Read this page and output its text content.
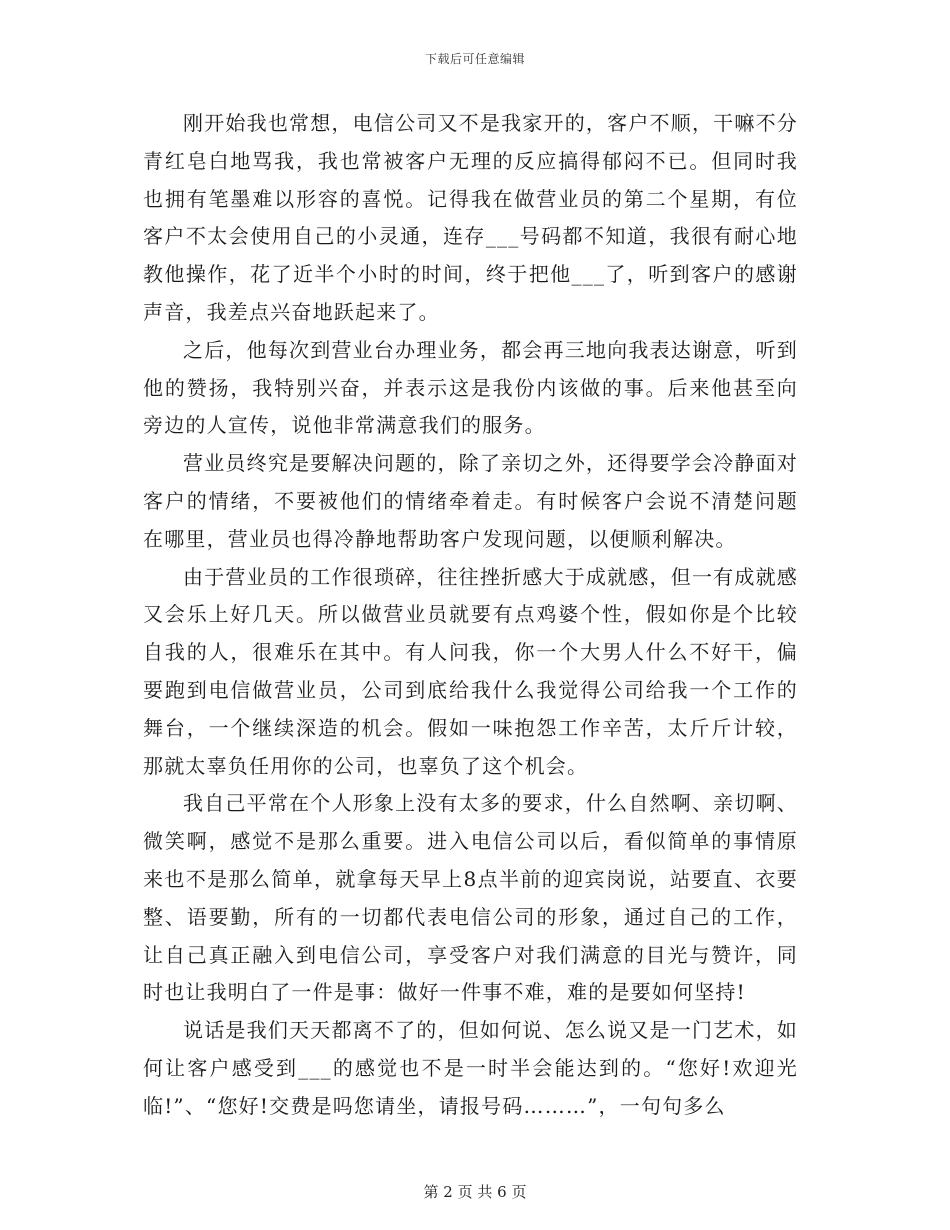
下载后可任意编辑

刚开始我也常想，电信公司又不是我家开的，客户不顺，干嘛不分青红皂白地骂我，我也常被客户无理的反应搞得郁闷不已。但同时我也拥有笔墨难以形容的喜悦。记得我在做营业员的第二个星期，有位客户不太会使用自己的小灵通，连存___号码都不知道，我很有耐心地教他操作，花了近半个小时的时间，终于把他___了，听到客户的感谢声音，我差点兴奋地跃起来了。

之后，他每次到营业台办理业务，都会再三地向我表达谢意，听到他的赞扬，我特别兴奋，并表示这是我份内该做的事。后来他甚至向旁边的人宣传，说他非常满意我们的服务。

营业员终究是要解决问题的，除了亲切之外，还得要学会冷静面对客户的情绪，不要被他们的情绪牵着走。有时候客户会说不清楚问题在哪里，营业员也得冷静地帮助客户发现问题，以便顺利解决。

由于营业员的工作很琐碎，往往挫折感大于成就感，但一有成就感又会乐上好几天。所以做营业员就要有点鸡婆个性，假如你是个比较自我的人，很难乐在其中。有人问我，你一个大男人什么不好干，偏要跑到电信做营业员，公司到底给我什么我觉得公司给我一个工作的舞台，一个继续深造的机会。假如一味抱怨工作辛苦，太斤斤计较，那就太辜负任用你的公司，也辜负了这个机会。

我自己平常在个人形象上没有太多的要求，什么自然啊、亲切啊、微笑啊，感觉不是那么重要。进入电信公司以后，看似简单的事情原来也不是那么简单，就拿每天早上8点半前的迎宾岗说，站要直、衣要整、语要勤，所有的一切都代表电信公司的形象，通过自己的工作，让自己真正融入到电信公司，享受客户对我们满意的目光与赞许，同时也让我明白了一件是事：做好一件事不难，难的是要如何坚持!

说话是我们天天都离不了的，但如何说、怎么说又是一门艺术，如何让客户感受到___的感觉也不是一时半会能达到的。“您好!欢迎光临!”、“您好!交费是吗您请坐，请报号码………”，一句句多么

第 2 页 共 6 页
